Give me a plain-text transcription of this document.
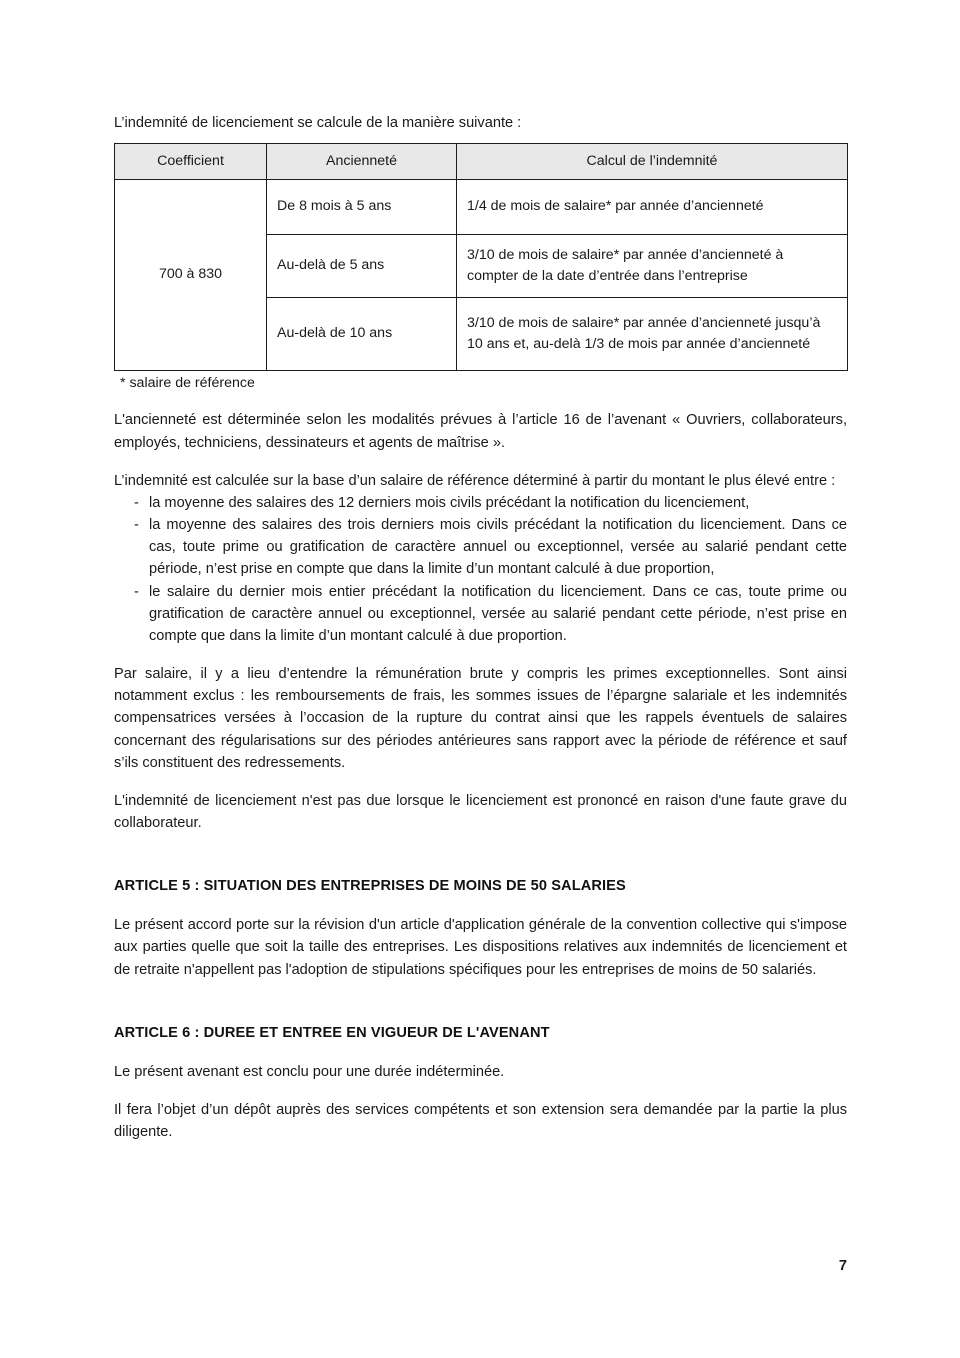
L’indemnité de licenciement se calcule de la manière suivante :

Coefficient	Ancienneté	Calcul de l’indemnité
700 à 830	De 8 mois à 5 ans	1/4 de mois de salaire* par année d’ancienneté
	Au-delà de 5 ans	3/10 de mois de salaire* par année d’ancienneté à compter de la date d’entrée dans l’entreprise
	Au-delà de 10 ans	3/10 de mois de salaire* par année d’ancienneté jusqu’à 10 ans et, au-delà 1/3 de mois par année d’ancienneté
* salaire de référence

L'ancienneté est déterminée selon les modalités prévues à l’article 16 de l’avenant « Ouvriers, collaborateurs, employés, techniciens, dessinateurs et agents de maîtrise ».

L’indemnité est calculée sur la base d’un salaire de référence déterminé à partir du montant le plus élevé entre :

- la moyenne des salaires des 12 derniers mois civils précédant la notification du licenciement,
- la moyenne des salaires des trois derniers mois civils précédant la notification du licenciement. Dans ce cas, toute prime ou gratification de caractère annuel ou exceptionnel, versée au salarié pendant cette période, n’est prise en compte que dans la limite d’un montant calculé à due proportion,
- le salaire du dernier mois entier précédant la notification du licenciement. Dans ce cas, toute prime ou gratification de caractère annuel ou exceptionnel, versée au salarié pendant cette période, n’est prise en compte que dans la limite d’un montant calculé à due proportion.

Par salaire, il y a lieu d’entendre la rémunération brute y compris les primes exceptionnelles. Sont ainsi notamment exclus : les remboursements de frais, les sommes issues de l’épargne salariale et les indemnités compensatrices versées à l’occasion de la rupture du contrat ainsi que les rappels éventuels de salaires concernant des régularisations sur des périodes antérieures sans rapport avec la période de référence et sauf s’ils constituent des redressements.

L'indemnité de licenciement n'est pas due lorsque le licenciement est prononcé en raison d'une faute grave du collaborateur.

ARTICLE 5 : SITUATION DES ENTREPRISES DE MOINS DE 50 SALARIES

Le présent accord porte sur la révision d'un article d'application générale de la convention collective qui s'impose aux parties quelle que soit la taille des entreprises. Les dispositions relatives aux indemnités de licenciement et de retraite n'appellent pas l'adoption de stipulations spécifiques pour les entreprises de moins de 50 salariés.

ARTICLE 6 : DUREE ET ENTREE EN VIGUEUR DE L'AVENANT

Le présent avenant est conclu pour une durée indéterminée.

Il fera l’objet d’un dépôt auprès des services compétents et son extension sera demandée par la partie la plus diligente.

7
